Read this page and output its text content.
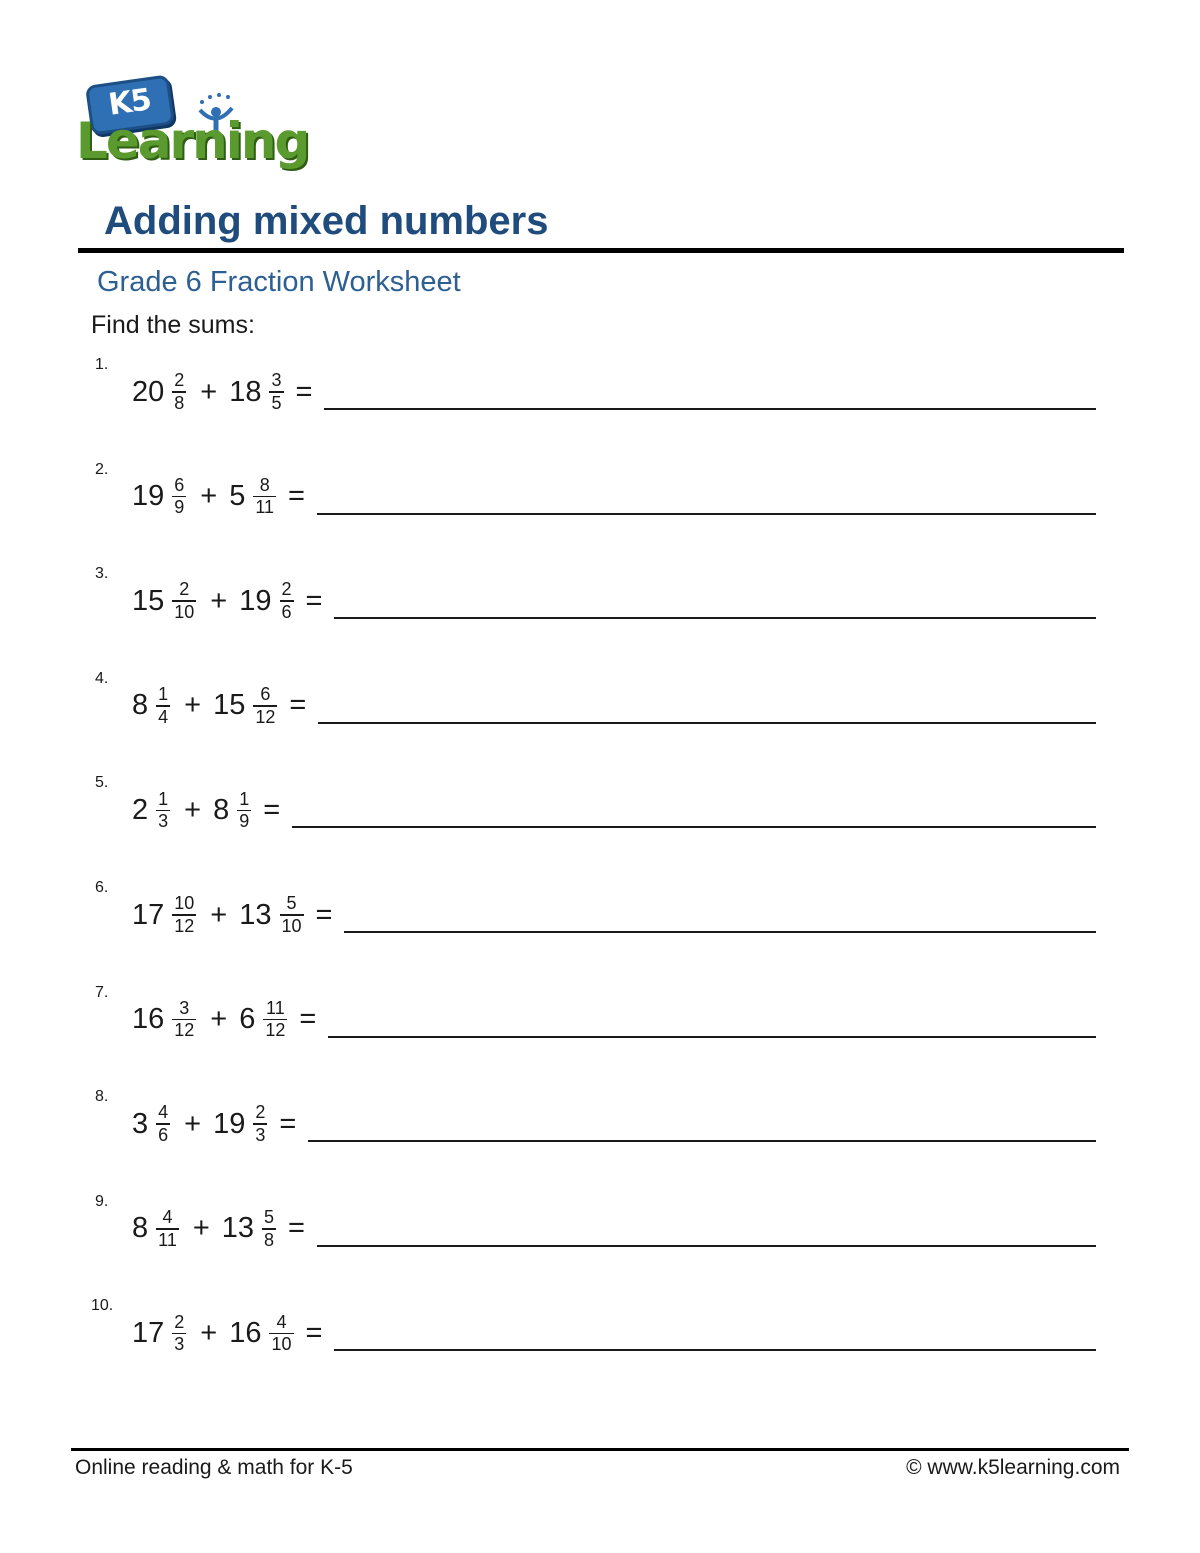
K5
Learning
Adding mixed numbers
Grade 6 Fraction Worksheet
Find the sums:
1.
$20 \frac{2}{8} + 18 \frac{3}{5}$ =
2.
$19 \frac{6}{9} + 5 \frac{8}{11}$ =
3.
$15 \frac{2}{10} + 19 \frac{2}{6}$ =
4.
$8 \frac{1}{4} + 15 \frac{6}{12}$ =
5.
$2 \frac{1}{3} + 8 \frac{1}{9}$ =
6.
$17 \frac{10}{12} + 13 \frac{5}{10}$ =
7.
$16 \frac{3}{12} + 6 \frac{11}{12}$ =
8.
$3 \frac{4}{6} + 19 \frac{2}{3}$ =
9.
$8 \frac{4}{11} + 13 \frac{5}{8}$ =
10.
$17 \frac{2}{3} + 16 \frac{4}{10}$ =
Online reading & math for K-5	© www.k5learning.com
